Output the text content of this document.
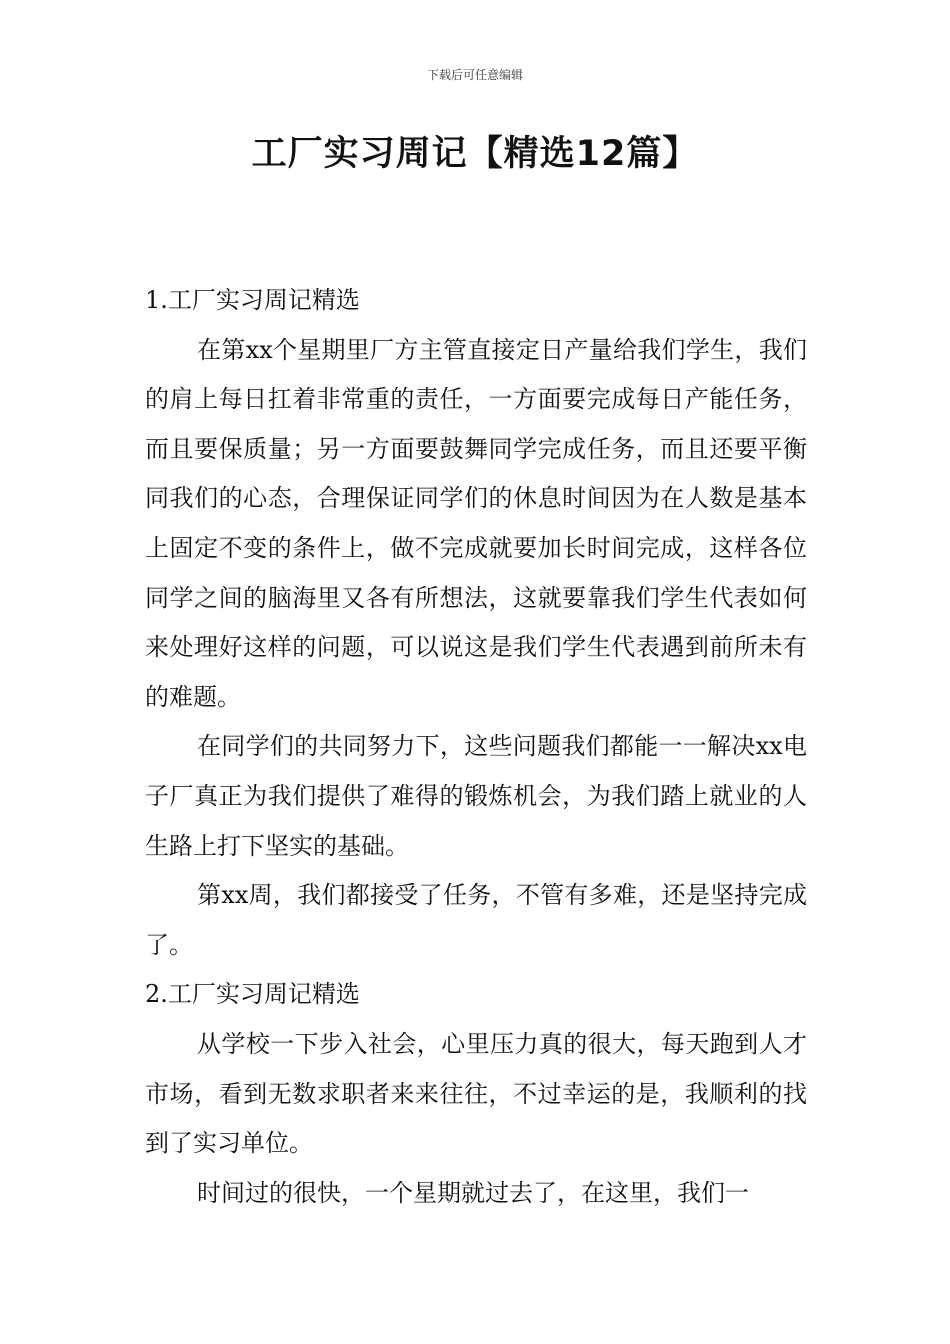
下载后可任意编辑
工厂实习周记【精选12篇】
1.工厂实习周记精选

在第xx个星期里厂方主管直接定日产量给我们学生，我们的肩上每日扛着非常重的责任，一方面要完成每日产能任务，而且要保质量；另一方面要鼓舞同学完成任务，而且还要平衡同我们的心态，合理保证同学们的休息时间因为在人数是基本上固定不变的条件上，做不完成就要加长时间完成，这样各位同学之间的脑海里又各有所想法，这就要靠我们学生代表如何来处理好这样的问题，可以说这是我们学生代表遇到前所未有的难题。

在同学们的共同努力下，这些问题我们都能一一解决xx电子厂真正为我们提供了难得的锻炼机会，为我们踏上就业的人生路上打下坚实的基础。

第xx周，我们都接受了任务，不管有多难，还是坚持完成了。

2.工厂实习周记精选

从学校一下步入社会，心里压力真的很大，每天跑到人才市场，看到无数求职者来来往往，不过幸运的是，我顺利的找到了实习单位。

时间过的很快，一个星期就过去了，在这里，我们一
